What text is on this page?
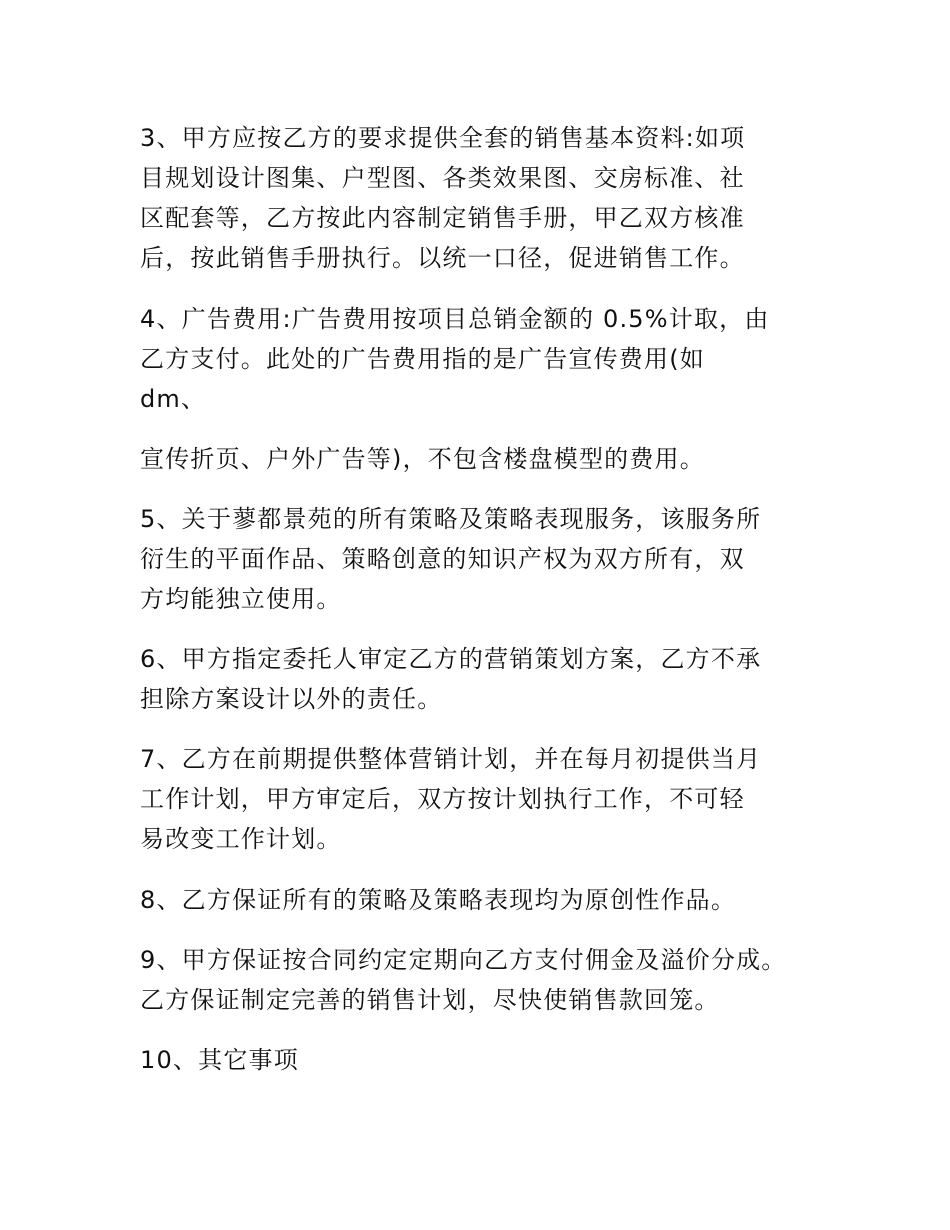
3、甲方应按乙方的要求提供全套的销售基本资料:如项

目规划设计图集、户型图、各类效果图、交房标准、社

区配套等，乙方按此内容制定销售手册，甲乙双方核准

后，按此销售手册执行。以统一口径，促进销售工作。

4、广告费用:广告费用按项目总销金额的 0.5%计取，由

乙方支付。此处的广告费用指的是广告宣传费用(如

dm、

宣传折页、户外广告等)，不包含楼盘模型的费用。

5、关于蓼都景苑的所有策略及策略表现服务，该服务所

衍生的平面作品、策略创意的知识产权为双方所有，双

方均能独立使用。

6、甲方指定委托人审定乙方的营销策划方案，乙方不承

担除方案设计以外的责任。

7、乙方在前期提供整体营销计划，并在每月初提供当月

工作计划，甲方审定后，双方按计划执行工作，不可轻

易改变工作计划。

8、乙方保证所有的策略及策略表现均为原创性作品。

9、甲方保证按合同约定定期向乙方支付佣金及溢价分成。

乙方保证制定完善的销售计划，尽快使销售款回笼。

10、其它事项
